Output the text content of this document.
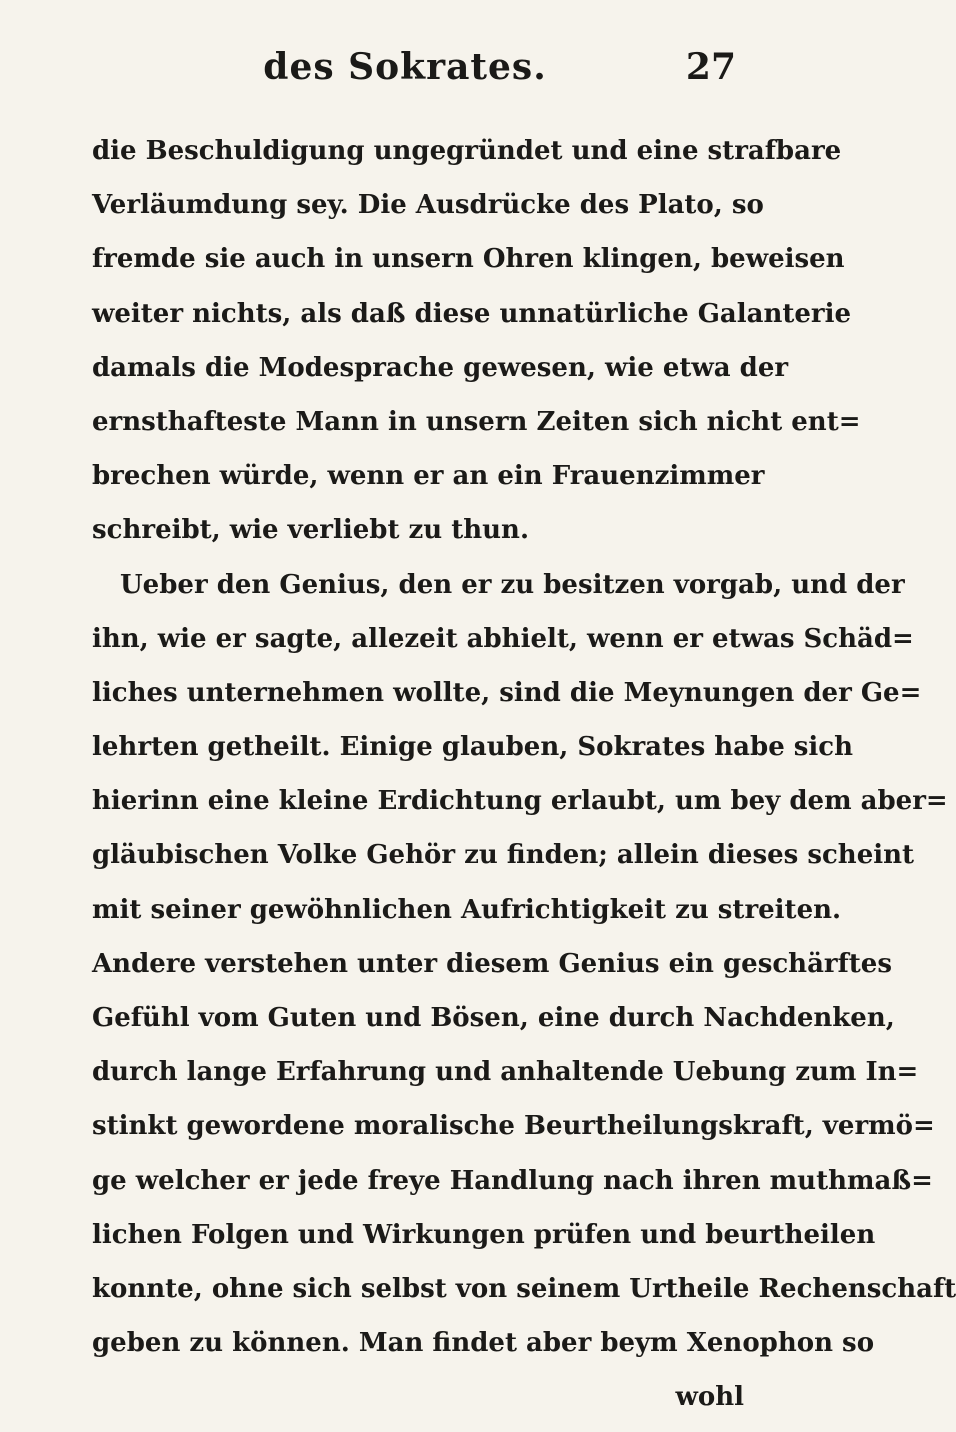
des Sokrates.	27
die Beschuldigung ungegründet und eine strafbare
Verläumdung sey. Die Ausdrücke des Plato, so
fremde sie auch in unsern Ohren klingen, beweisen
weiter nichts, als daß diese unnatürliche Galanterie
damals die Modesprache gewesen, wie etwa der
ernsthafteste Mann in unsern Zeiten sich nicht ent=
brechen würde, wenn er an ein Frauenzimmer
schreibt, wie verliebt zu thun.
Ueber den Genius, den er zu besitzen vorgab, und der
ihn, wie er sagte, allezeit abhielt, wenn er etwas Schäd=
liches unternehmen wollte, sind die Meynungen der Ge=
lehrten getheilt. Einige glauben, Sokrates habe sich
hierinn eine kleine Erdichtung erlaubt, um bey dem aber=
gläubischen Volke Gehör zu finden; allein dieses scheint
mit seiner gewöhnlichen Aufrichtigkeit zu streiten.
Andere verstehen unter diesem Genius ein geschärftes
Gefühl vom Guten und Bösen, eine durch Nachdenken,
durch lange Erfahrung und anhaltende Uebung zum In=
stinkt gewordene moralische Beurtheilungskraft, vermö=
ge welcher er jede freye Handlung nach ihren muthmaß=
lichen Folgen und Wirkungen prüfen und beurtheilen
konnte, ohne sich selbst von seinem Urtheile Rechenschaft
geben zu können. Man findet aber beym Xenophon so
wohl
